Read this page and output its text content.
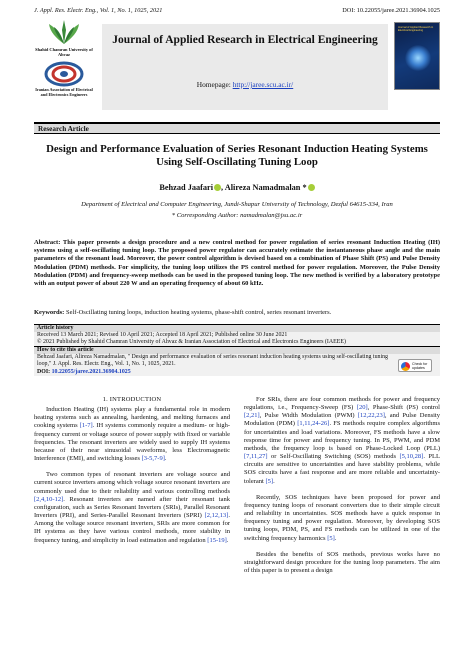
J. Appl. Res. Electr. Eng., Vol. 1, No. 1, 1025, 2021	DOI: 10.22055/jaree.2021.36904.1025
Shahid Chamran University of Ahvaz
Iranian Association of Electrical and Electronics Engineers
Journal of Applied Research in Electrical Engineering
Homepage: http://jaree.scu.ac.ir/
Journal of Applied Research in Electrical Engineering
Research Article
Design and Performance Evaluation of Series Resonant Induction Heating Systems Using Self-Oscillating Tuning Loop
Behzad Jaafari , Alireza Namadmalan *
Department of Electrical and Computer Engineering, Jundi-Shapur University of Technology, Dezful 64615-334, Iran
* Corresponding Author: namadmalan@jsu.ac.ir
Abstract: This paper presents a design procedure and a new control method for power regulation of series resonant Induction Heating (IH) systems using a self-oscillating tuning loop. The proposed power regulator can accurately estimate the instantaneous phase angle and the main parameters of the resonant load. Moreover, the power control algorithm is devised based on a combination of Phase Shift (PS) and Pulse Density Modulation (PDM) methods. For simplicity, the tuning loop utilizes the PS control method for power regulation. Moreover, the Pulse Density Modulation (PDM) and frequency-sweep methods can be used in the proposed tuning loop. The new method is verified by a laboratory prototype with an output power of about 220 W and an operating frequency of about 60 kHz.
Keywords: Self-Oscillating tuning loops, induction heating systems, phase-shift control, series resonant inverters.
Article history
Received 13 March 2021; Revised 10 April 2021; Accepted 18 April 2021; Published online 30 June 2021
© 2021 Published by Shahid Chamran University of Ahvaz & Iranian Association of Electrical and Electronics Engineers (IAEEE)
How to cite this article
Behzad Jaafari, Alireza Namadmalan, " Design and performance evaluation of series resonant induction heating systems using self-oscillating tuning loop," J. Appl. Res. Electr. Eng., Vol. 1, No. 1, 1025, 2021.
DOI: 10.22055/jaree.2021.36904.1025
Check for updates
1. INTRODUCTION

Induction Heating (IH) systems play a fundamental role in modern heating systems such as annealing, hardening, and melting furnaces and cooking systems [1-7]. IH systems commonly require a medium- or high-frequency current or voltage source of power supply with fixed or variable frequencies. The resonant inverters are widely used to supply IH systems because of their near sinusoidal waveforms, less Electromagnetic Interference (EMI), and switching losses [3-5,7-9].

Two common types of resonant inverters are voltage source and current source inverters among which voltage source resonant inverters are commonly used due to their reliability and various controlling methods [2,4,10-12]. Resonant inverters are named after their resonant tank configuration, such as Series Resonant Inverters (SRIs), Parallel Resonant Inverters (PRI), and Series-Parallel Resonant Inverters (SPRI) [2,12,13]. Among the voltage source resonant inverters, SRIs are more common for IH systems as they have various control methods, more stability in frequency tuning, and simplicity in load estimation and regulation [15-19].

For SRIs, there are four common methods for power and frequency regulations, i.e., Frequency-Sweep (FS) [20], Phase-Shift (PS) control [2,21], Pulse Width Modulation (PWM) [12,22,23], and Pulse Density Modulation (PDM) [1,11,24-26]. FS methods require complex algorithms for uncertainties and load variations. Moreover, FS methods have a slow response time for power and frequency tuning. In PS, PWM, and PDM methods, the frequency loop is based on Phase-Locked Loop (PLL) [7,11,27] or Self-Oscillating Switching (SOS) methods [5,10,28]. PLL circuits are sensitive to uncertainties and have stability problems, while SOS circuits have a fast response and are more reliable and uncertainty-tolerant [5].

Recently, SOS techniques have been proposed for power and frequency tuning loops of resonant converters due to their simple circuit and reliability in uncertainties. SOS methods have a quick response in frequency tuning and power regulation. Moreover, by developing SOS tuning loops, PDM, PS, and FS methods can be utilized in one of the switching frequency harmonics [5].

Besides the benefits of SOS methods, previous works have no straightforward design procedure for the tuning loop parameters. The aim of this paper is to present a design
